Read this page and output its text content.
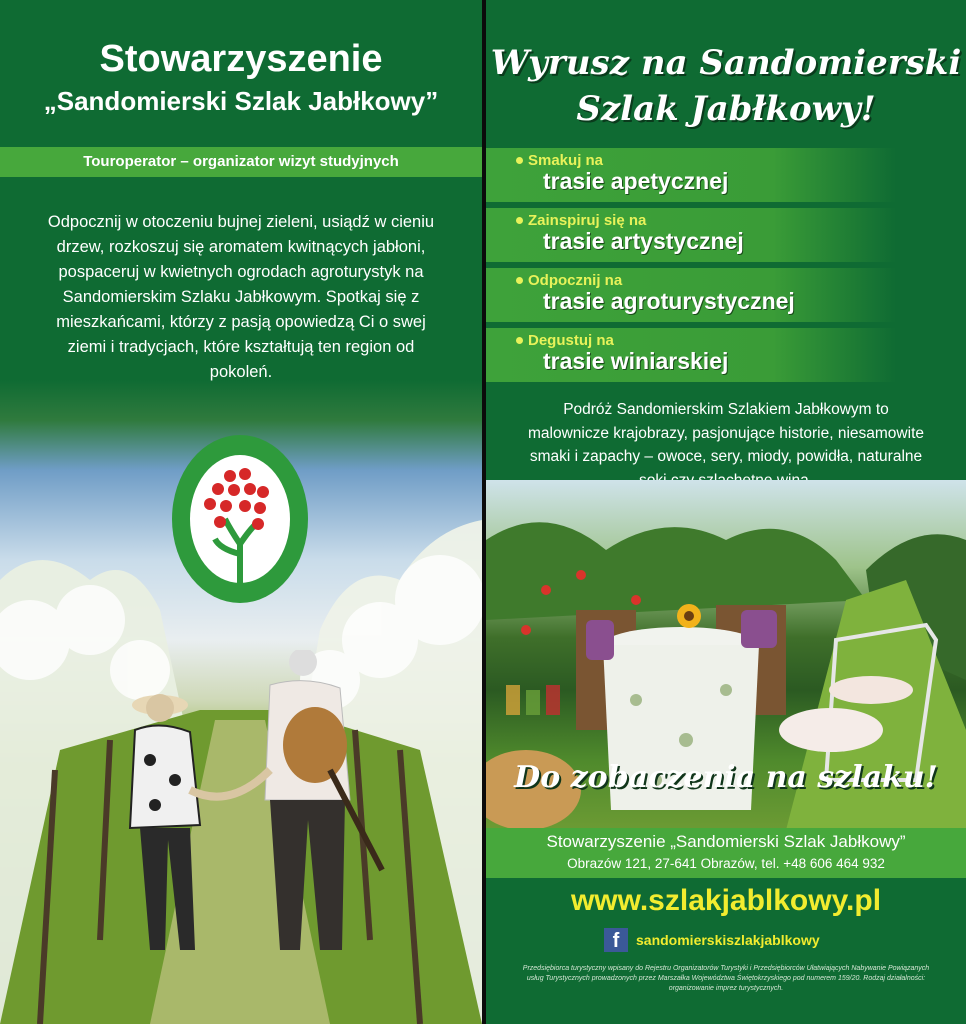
Stowarzyszenie
„Sandomierski Szlak Jabłkowy”
Touroperator – organizator wizyt studyjnych
Odpocznij w otoczeniu bujnej zieleni, usiądź w cieniu drzew, rozkoszuj się aromatem kwitnących jabłoni, pospaceruj w kwietnych ogrodach agroturystyk na Sandomierskim Szlaku Jabłkowym. Spotkaj się z mieszkańcami, którzy z pasją opowiedzą Ci o swej ziemi i tradycjach, które kształtują ten region od pokoleń.
Wyrusz na Sandomierski
Szlak Jabłkowy!
Smakuj na
trasie apetycznej
Zainspiruj się na
trasie artystycznej
Odpocznij na
trasie agroturystycznej
Degustuj na
trasie winiarskiej
Podróż Sandomierskim Szlakiem Jabłkowym to malownicze krajobrazy, pasjonujące historie, niesamowite smaki i zapachy – owoce, sery, miody, powidła, naturalne
Do zobaczenia na szlaku!
Stowarzyszenie „Sandomierski Szlak Jabłkowy”
Obrazów 121, 27-641 Obrazów, tel. +48 606 464 932
www.szlakjablkowy.pl
f	sandomierskiszlakjablkowy
Przedsiębiorca turystyczny wpisany do Rejestru Organizatorów Turystyki i Przedsiębiorców Ułatwiających Nabywanie Powiązanych usług Turystycznych prowadzonych przez Marszałka Województwa Świętokrzyskiego pod numerem 159/20. Rodzaj działalności: organizowanie imprez turystycznych.
